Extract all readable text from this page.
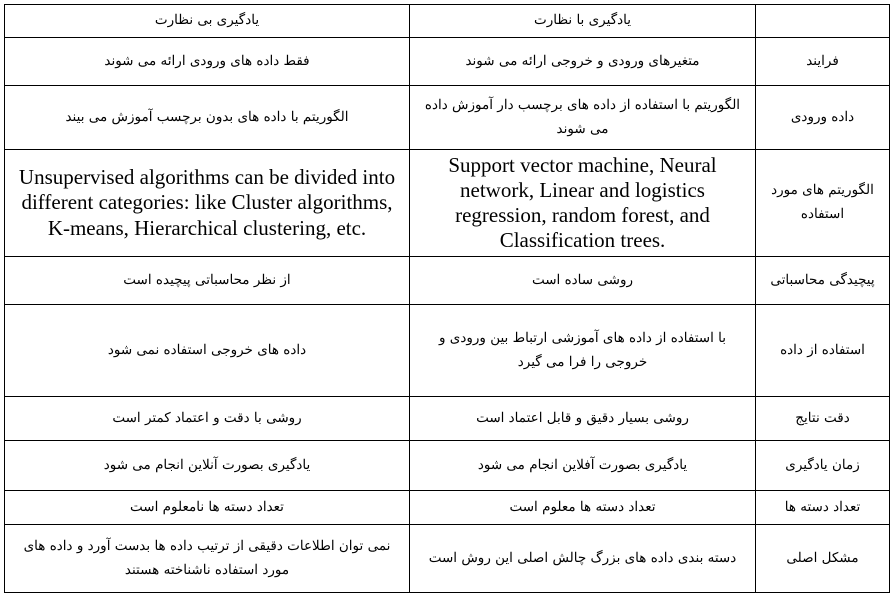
	یادگیری با نظارت	یادگیری بی نظارت
فرایند	متغیرهای ورودی و خروجی ارائه می شوند	فقط داده های ورودی ارائه می شوند
داده ورودی	الگوریتم با استفاده از داده های برچسب دار آموزش داده می شوند	الگوریتم با داده های بدون برچسب آموزش می بیند
الگوریتم های مورد استفاده	Support vector machine, Neural network, Linear and logistics regression, random forest, and Classification trees.	Unsupervised algorithms can be divided into different categories: like Cluster algorithms, K-means, Hierarchical clustering, etc.
پیچیدگی محاسباتی	روشی ساده است	از نظر محاسباتی پیچیده است
استفاده از داده	با استفاده از داده های آموزشی ارتباط بین ورودی و خروجی را فرا می گیرد	داده های خروجی استفاده نمی شود
دقت نتایج	روشی بسیار دقیق و قابل اعتماد است	روشی با دقت و اعتماد کمتر است
زمان یادگیری	یادگیری بصورت آفلاین انجام می شود	یادگیری بصورت آنلاین انجام می شود
تعداد دسته ها	تعداد دسته ها معلوم است	تعداد دسته ها نامعلوم است
مشکل اصلی	دسته بندی داده های بزرگ چالش اصلی این روش است	نمی توان اطلاعات دقیقی از ترتیب داده ها بدست آورد و داده های مورد استفاده ناشناخته هستند
